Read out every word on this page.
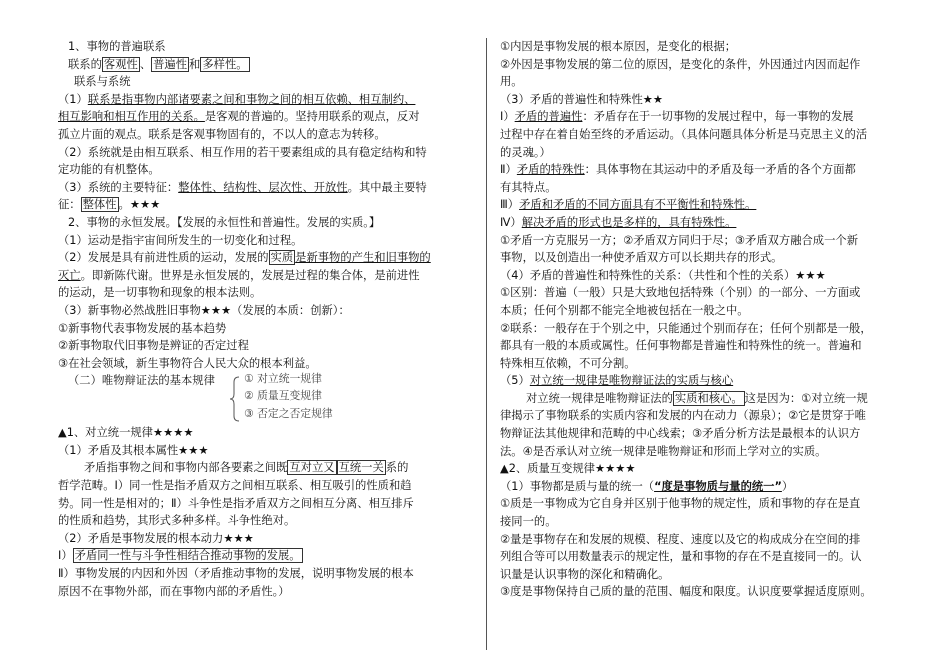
1、事物的普遍联系
联系的 客观性 、 普遍性 和 多样性。
联系与系统
（1）联系是指事物内部诸要素之间和事物之间的相互依赖、相互制约、
相互影响和相互作用的关系。是客观的普遍的。坚持用联系的观点，反对
孤立片面的观点。联系是客观事物固有的，不以人的意志为转移。
（2）系统就是由相互联系、相互作用的若干要素组成的具有稳定结构和特
定功能的有机整体。
（3）系统的主要特征：整体性、结构性、层次性、开放性。其中最主要特
征： 整体性 。★★★
2、事物的永恒发展。【发展的永恒性和普遍性。发展的实质。】
（1）运动是指宇宙间所发生的一切变化和过程。
（2）发展是具有前进性质的运动，发展的 实质 是新事物的产生和旧事物的
灭亡。即新陈代谢。世界是永恒发展的，发展是过程的集合体，是前进性
的运动，是一切事物和现象的根本法则。
（3）新事物必然战胜旧事物★★★（发展的本质：创新）：
①新事物代表事物发展的基本趋势
②新事物取代旧事物是辨证的否定过程
③在社会领域，新生事物符合人民大众的根本利益。
（二）唯物辩证法的基本规律	① 对立统一规律
② 质量互变规律
③ 否定之否定规律
▲1、对立统一规律★★★★
（1）矛盾及其根本属性★★★
矛盾指事物之间和事物内部各要素之间既 互对立又 互统一关 系的
哲学范畴。Ⅰ）同一性是指矛盾双方之间相互联系、相互吸引的性质和趋
势。同一性是相对的；Ⅱ）斗争性是指矛盾双方之间相互分离、相互排斥
的性质和趋势，其形式多种多样。斗争性绝对。
（2）矛盾是事物发展的根本动力★★★
Ⅰ） 矛盾同一性与斗争性相结合推动事物的发展。
Ⅱ）事物发展的内因和外因（矛盾推动事物的发展，说明事物发展的根本
原因不在事物外部，而在事物内部的矛盾性。）
①内因是事物发展的根本原因，是变化的根据；
②外因是事物发展的第二位的原因，是变化的条件，外因通过内因而起作
用。
（3）矛盾的普遍性和特殊性★★
Ⅰ）矛盾的普遍性：矛盾存在于一切事物的发展过程中，每一事物的发展
过程中存在着自始至终的矛盾运动。（具体问题具体分析是马克思主义的活
的灵魂。）
Ⅱ）矛盾的特殊性：具体事物在其运动中的矛盾及每一矛盾的各个方面都
有其特点。
Ⅲ）矛盾和矛盾的不同方面具有不平衡性和特殊性。
Ⅳ）解决矛盾的形式也是多样的，具有特殊性。
①矛盾一方克服另一方；②矛盾双方同归于尽；③矛盾双方融合成一个新
事物，以及创造出一种使矛盾双方可以长期共存的形式。
（4）矛盾的普遍性和特殊性的关系：（共性和个性的关系）★★★
①区别：普遍（一般）只是大致地包括特殊（个别）的一部分、一方面或
本质；任何个别都不能完全地被包括在一般之中。
②联系：一般存在于个别之中，只能通过个别而存在；任何个别都是一般，
都具有一般的本质或属性。任何事物都是普遍性和特殊性的统一。普遍和
特殊相互依赖，不可分割。
（5）对立统一规律是唯物辩证法的实质与核心
对立统一规律是唯物辩证法的 实质和核心。 这是因为：①对立统一规
律揭示了事物联系的实质内容和发展的内在动力（源泉）；②它是贯穿于唯
物辩证法其他规律和范畴的中心线索；③矛盾分析方法是最根本的认识方
法。④是否承认对立统一规律是唯物辩证和形而上学对立的实质。
▲2、质量互变规律★★★★
（1）事物都是质与量的统一（“度是事物质与量的统一”）
①质是一事物成为它自身并区别于他事物的规定性，质和事物的存在是直
接同一的。
②量是事物存在和发展的规模、程度、速度以及它的构成成分在空间的排
列组合等可以用数量表示的规定性，量和事物的存在不是直接同一的。认
识量是认识事物的深化和精确化。
③度是事物保持自己质的量的范围、幅度和限度。认识度要掌握适度原则。
